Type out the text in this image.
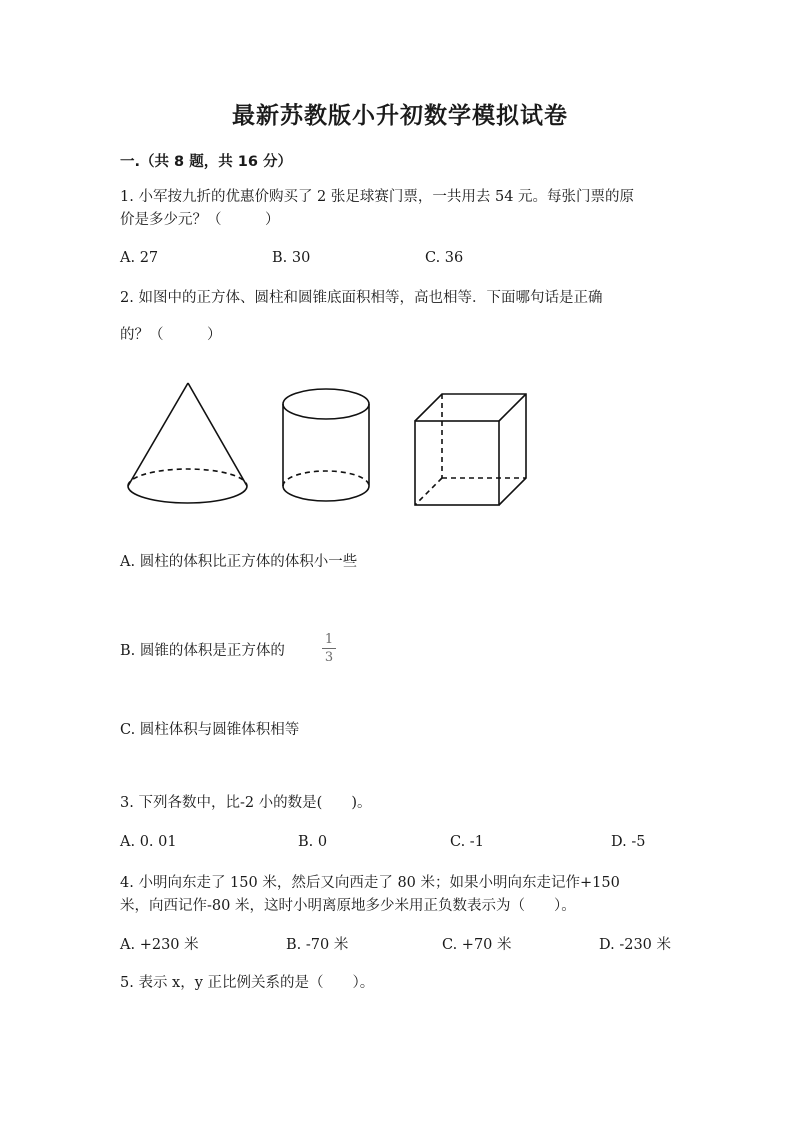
最新苏教版小升初数学模拟试卷
一.（共 8 题，共 16 分）
1. 小军按九折的优惠价购买了 2 张足球赛门票，一共用去 54 元。每张门票的原
价是多少元？（　　　）
A. 27	B. 30	C. 36
2. 如图中的正方体、圆柱和圆锥底面积相等，高也相等．下面哪句话是正确
的？（　　　）
A. 圆柱的体积比正方体的体积小一些
B. 圆锥的体积是正方体的
1
3
C. 圆柱体积与圆锥体积相等
3. 下列各数中，比-2 小的数是(　　)。
A. 0. 01	B. 0	C. -1	D. -5
4. 小明向东走了 150 米，然后又向西走了 80 米；如果小明向东走记作+150
米，向西记作-80 米，这时小明离原地多少米用正负数表示为（　　）。
A. +230 米	B. -70 米	C. +70 米	D. -230 米
5. 表示 x，y 正比例关系的是（　　）。
